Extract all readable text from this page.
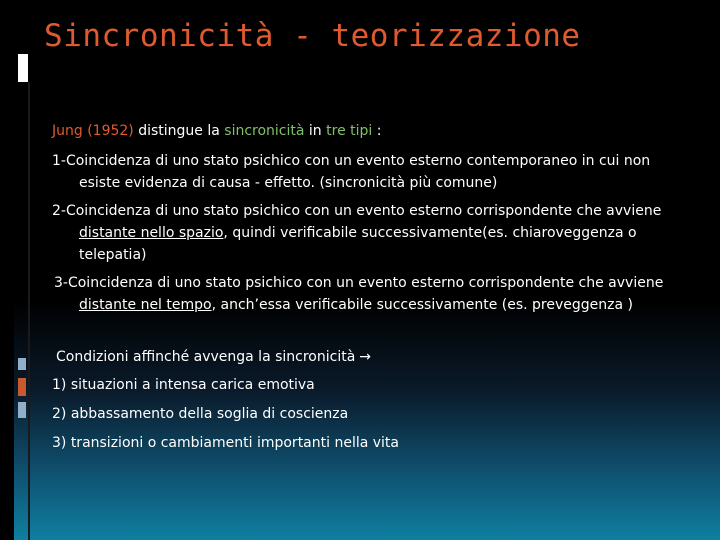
Sincronicità - teorizzazione

Jung (1952) distingue la sincronicità in tre tipi :

1-Coincidenza di uno stato psichico con un evento esterno contemporaneo in cui non esiste evidenza di causa - effetto. (sincronicità più comune)

2-Coincidenza di uno stato psichico con un evento esterno corrispondente che avviene distante nello spazio, quindi verificabile successivamente(es. chiaroveggenza o telepatia)

3-Coincidenza di uno stato psichico con un evento esterno corrispondente che avviene distante nel tempo, anch’essa verificabile successivamente (es. preveggenza )

Condizioni affinché avvenga la sincronicità →

1) situazioni a intensa carica emotiva

2) abbassamento della soglia di coscienza

3) transizioni o cambiamenti importanti nella vita
